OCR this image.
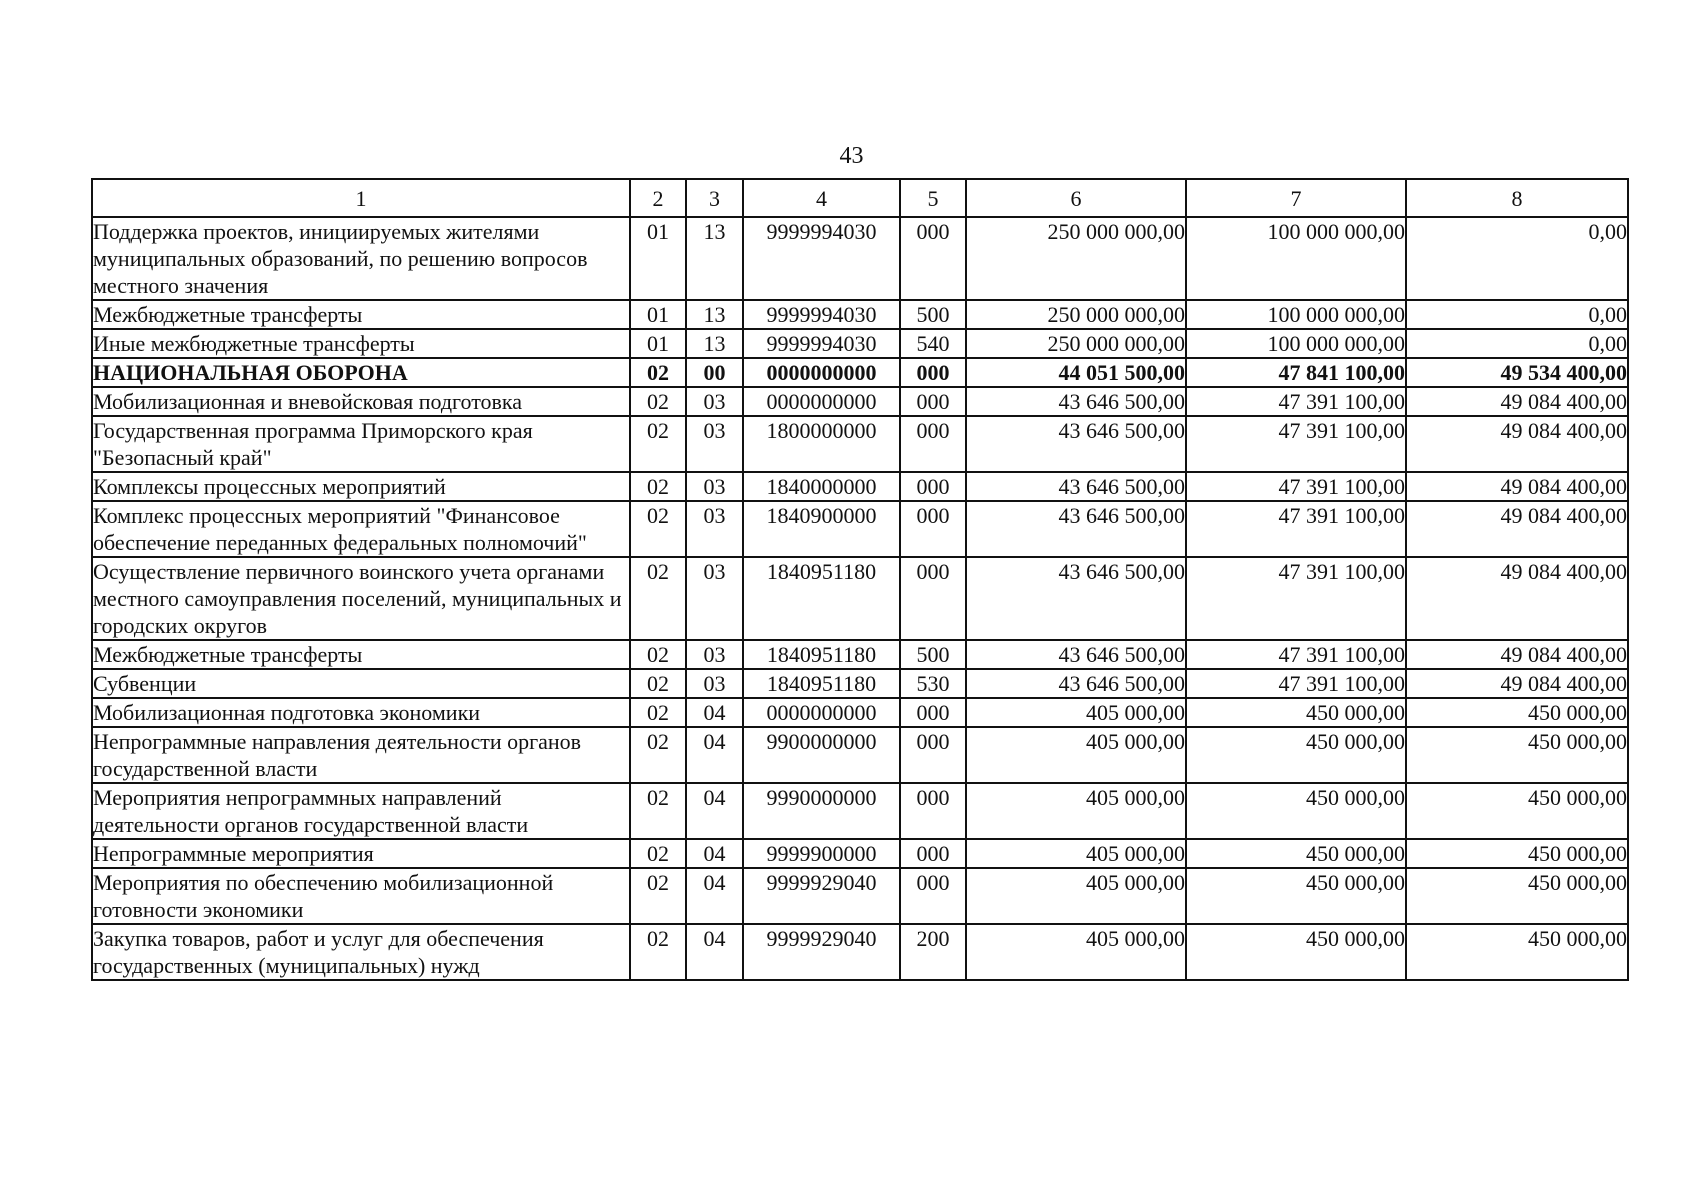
43
1	2	3	4	5	6	7	8
Поддержка проектов, инициируемых жителями муниципальных образований, по решению вопросов местного значения	01	13	9999994030	000	250 000 000,00	100 000 000,00	0,00
Межбюджетные трансферты	01	13	9999994030	500	250 000 000,00	100 000 000,00	0,00
Иные межбюджетные трансферты	01	13	9999994030	540	250 000 000,00	100 000 000,00	0,00
НАЦИОНАЛЬНАЯ ОБОРОНА	02	00	0000000000	000	44 051 500,00	47 841 100,00	49 534 400,00
Мобилизационная и вневойсковая подготовка	02	03	0000000000	000	43 646 500,00	47 391 100,00	49 084 400,00
Государственная программа Приморского края "Безопасный край"	02	03	1800000000	000	43 646 500,00	47 391 100,00	49 084 400,00
Комплексы процессных мероприятий	02	03	1840000000	000	43 646 500,00	47 391 100,00	49 084 400,00
Комплекс процессных мероприятий "Финансовое обеспечение переданных федеральных полномочий"	02	03	1840900000	000	43 646 500,00	47 391 100,00	49 084 400,00
Осуществление первичного воинского учета органами местного самоуправления поселений, муниципальных и городских округов	02	03	1840951180	000	43 646 500,00	47 391 100,00	49 084 400,00
Межбюджетные трансферты	02	03	1840951180	500	43 646 500,00	47 391 100,00	49 084 400,00
Субвенции	02	03	1840951180	530	43 646 500,00	47 391 100,00	49 084 400,00
Мобилизационная подготовка экономики	02	04	0000000000	000	405 000,00	450 000,00	450 000,00
Непрограммные направления деятельности органов государственной власти	02	04	9900000000	000	405 000,00	450 000,00	450 000,00
Мероприятия непрограммных направлений деятельности органов государственной власти	02	04	9990000000	000	405 000,00	450 000,00	450 000,00
Непрограммные мероприятия	02	04	9999900000	000	405 000,00	450 000,00	450 000,00
Мероприятия по обеспечению мобилизационной готовности экономики	02	04	9999929040	000	405 000,00	450 000,00	450 000,00
Закупка товаров, работ и услуг для обеспечения государственных (муниципальных) нужд	02	04	9999929040	200	405 000,00	450 000,00	450 000,00
